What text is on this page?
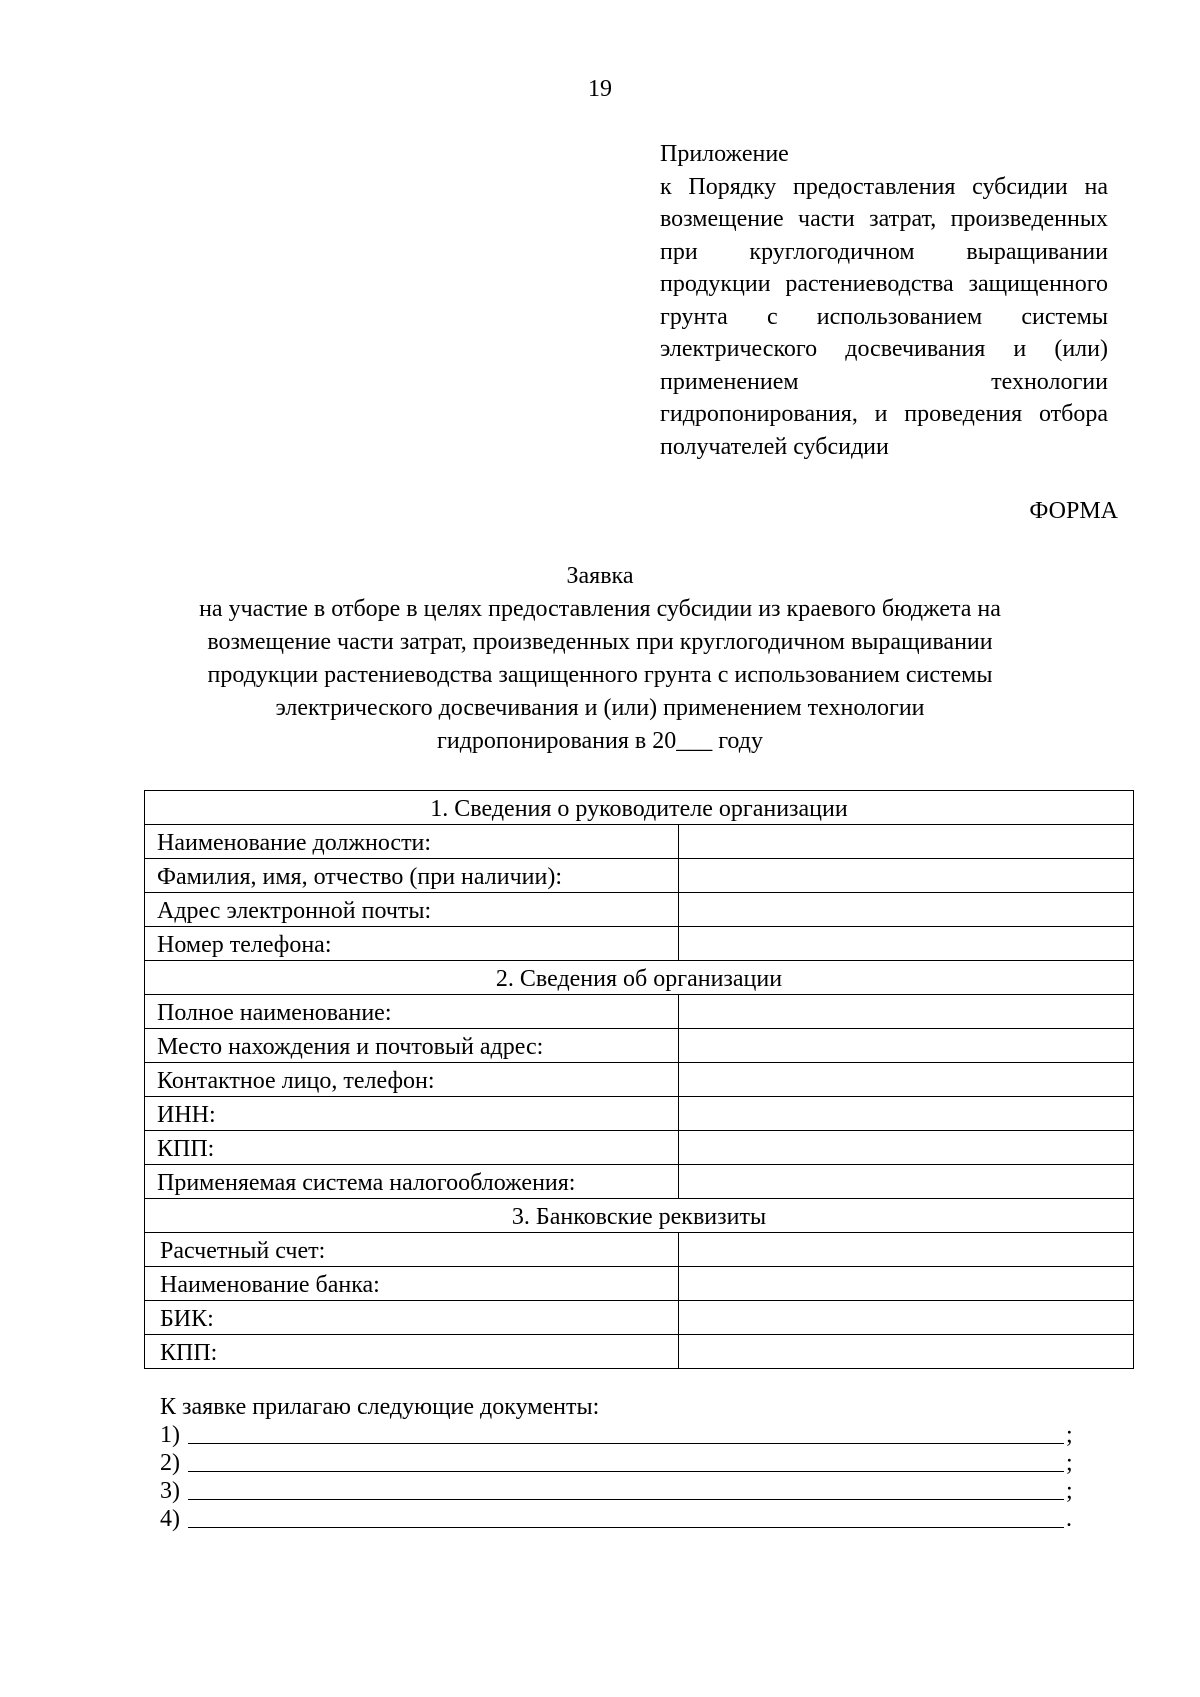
19

Приложение

к Порядку предоставления субсидии на возмещение части затрат, произведенных при круглогодичном выращивании продукции растениеводства защищенного грунта с использованием системы электрического досвечивания и (или) применением технологии гидропонирования, и проведения отбора получателей субсидии

ФОРМА
Заявка
на участие в отборе в целях предоставления субсидии из краевого бюджета на
возмещение части затрат, произведенных при круглогодичном выращивании
продукции растениеводства защищенного грунта с использованием системы
электрического досвечивания и (или) применением технологии
гидропонирования в 20___ году
1. Сведения о руководителе организации	
Наименование должности:	
Фамилия, имя, отчество (при наличии):	
Адрес электронной почты:	
Номер телефона:	
2. Сведения об организации	
Полное наименование:	
Место нахождения и почтовый адрес:	
Контактное лицо, телефон:	
ИНН:	
КПП:	
Применяемая система налогообложения:	
3. Банковские реквизиты	
Расчетный счет:	
Наименование банка:	
БИК:	
КПП:	

К заявке прилагаю следующие документы:

1)	;
2)	;
3)	;
4)	.
